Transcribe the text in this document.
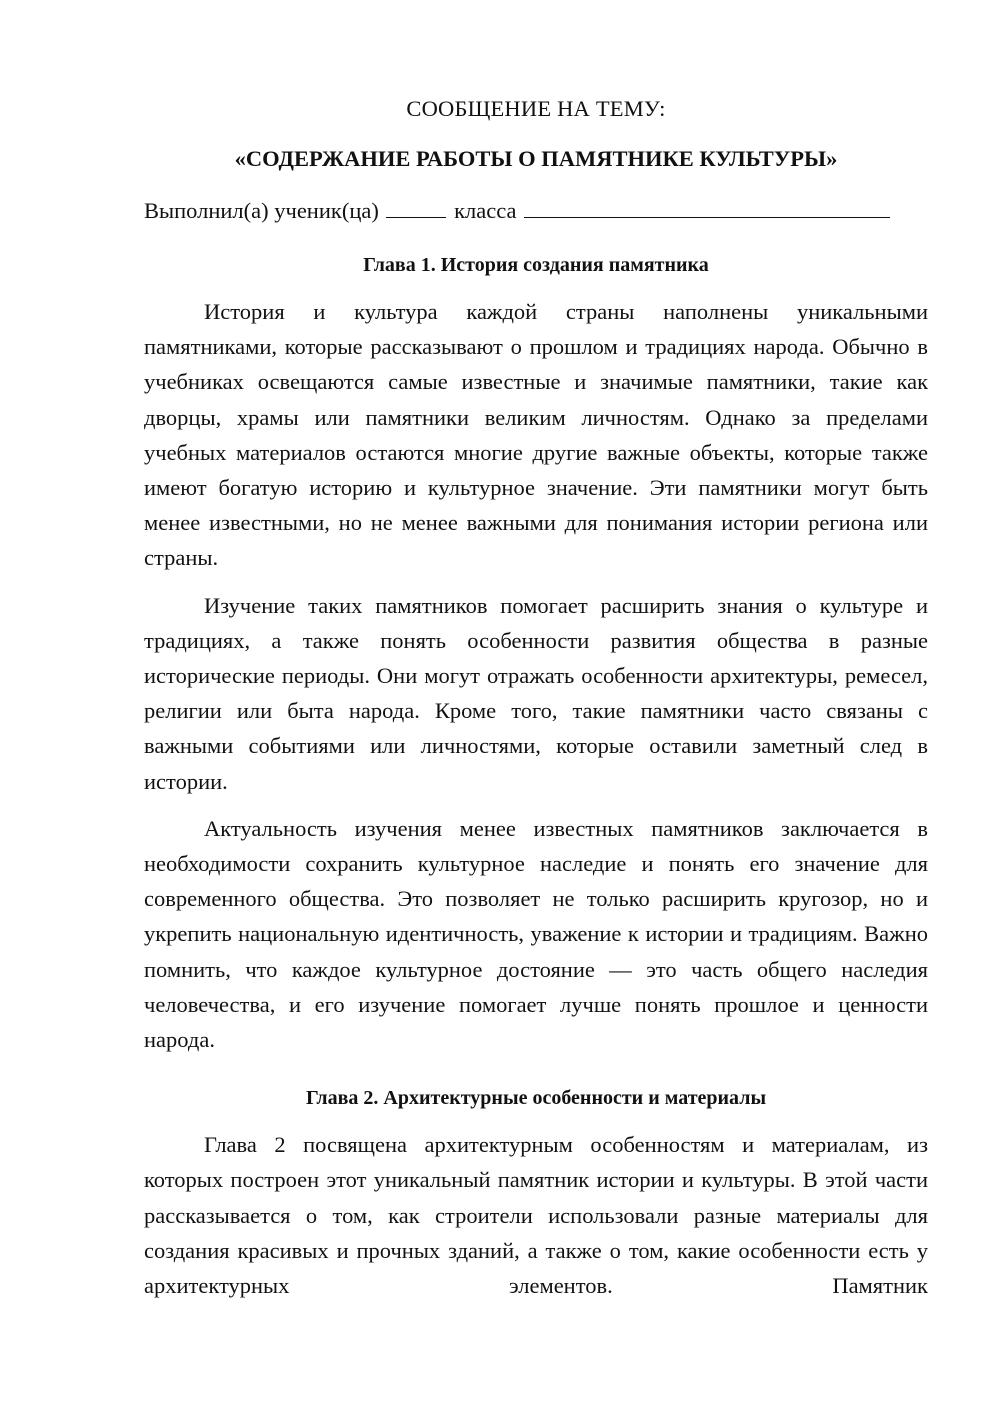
СООБЩЕНИЕ НА ТЕМУ:

«СОДЕРЖАНИЕ РАБОТЫ О ПАМЯТНИКЕ КУЛЬТУРЫ»

Выполнил(а) ученик(ца)	класса
Глава 1. История создания памятника

История и культура каждой страны наполнены уникальными памятниками, которые рассказывают о прошлом и традициях народа. Обычно в учебниках освещаются самые известные и значимые памятники, такие как дворцы, храмы или памятники великим личностям. Однако за пределами учебных материалов остаются многие другие важные объекты, которые также имеют богатую историю и культурное значение. Эти памятники могут быть менее известными, но не менее важными для понимания истории региона или страны.

Изучение таких памятников помогает расширить знания о культуре и традициях, а также понять особенности развития общества в разные исторические периоды. Они могут отражать особенности архитектуры, ремесел, религии или быта народа. Кроме того, такие памятники часто связаны с важными событиями или личностями, которые оставили заметный след в истории.

Актуальность изучения менее известных памятников заключается в необходимости сохранить культурное наследие и понять его значение для современного общества. Это позволяет не только расширить кругозор, но и укрепить национальную идентичность, уважение к истории и традициям. Важно помнить, что каждое культурное достояние — это часть общего наследия человечества, и его изучение помогает лучше понять прошлое и ценности народа.

Глава 2. Архитектурные особенности и материалы

Глава 2 посвящена архитектурным особенностям и материалам, из которых построен этот уникальный памятник истории и культуры. В этой части рассказывается о том, как строители использовали разные материалы для создания красивых и прочных зданий, а также о том, какие особенности есть у архитектурных элементов. Памятник
